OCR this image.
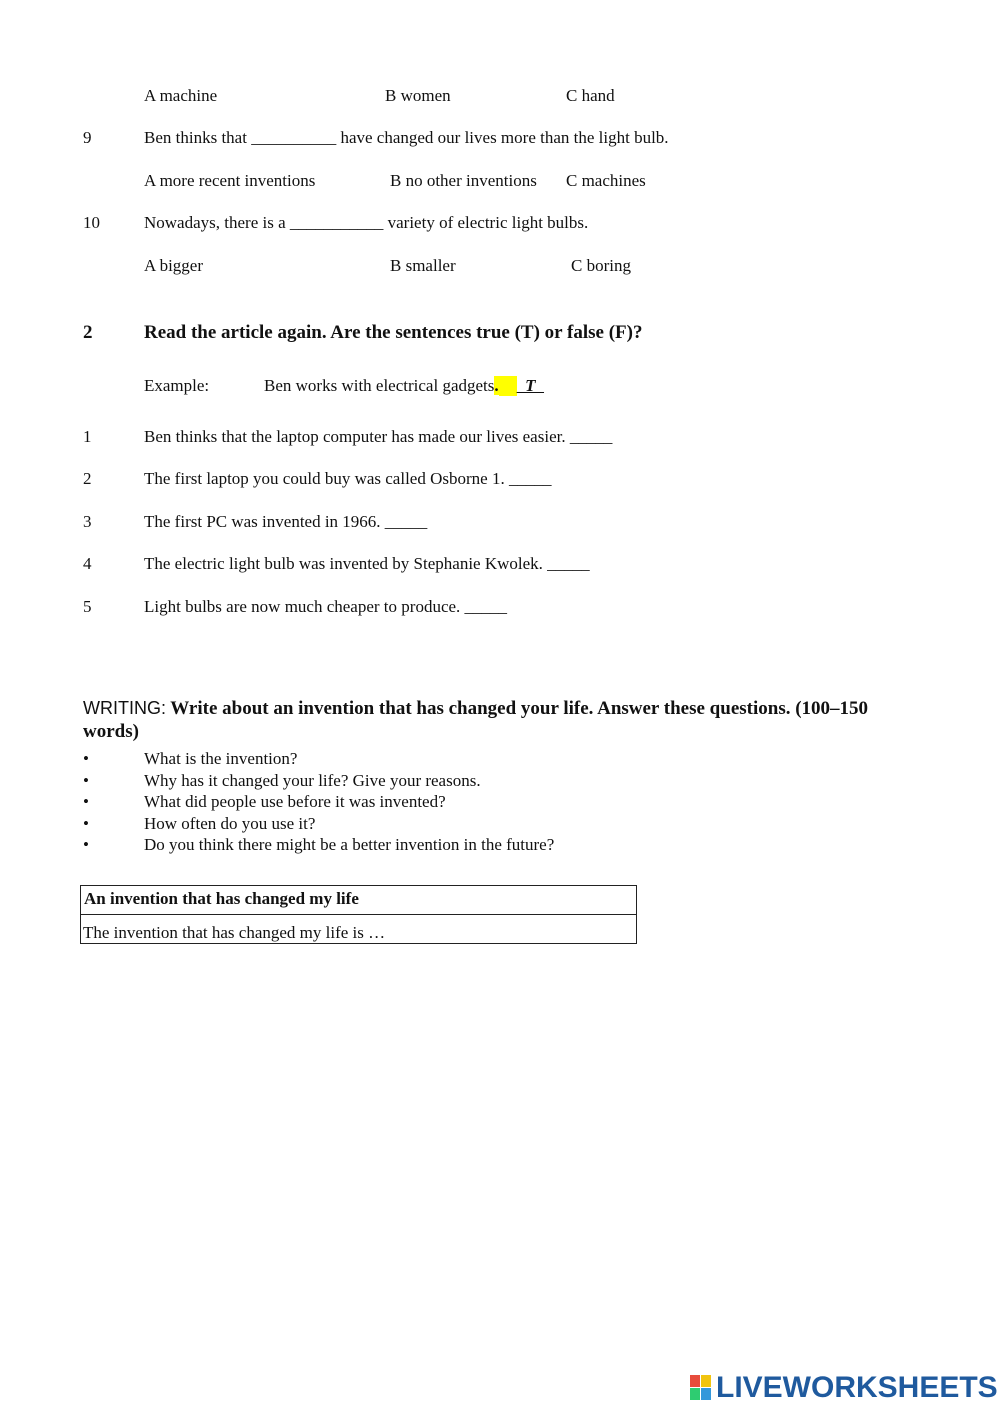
A machine	B women	C hand
9	Ben thinks that __________ have changed our lives more than the light bulb.
A more recent inventions	B no other inventions C machines
10	Nowadays, there is a ___________ variety of electric light bulbs.
A bigger	B smaller	C boring
2	Read the article again. Are the sentences true (T) or false (F)?
Example:	Ben works with electrical gadgets.   T
1	Ben thinks that the laptop computer has made our lives easier. _____
2	The first laptop you could buy was called Osborne 1. _____
3	The first PC was invented in 1966. _____
4	The electric light bulb was invented by Stephanie Kwolek. _____
5	Light bulbs are now much cheaper to produce. _____
WRITING: Write about an invention that has changed your life. Answer these questions. (100–150
words)
•	What is the invention?
•	Why has it changed your life? Give your reasons.
•	What did people use before it was invented?
•	How often do you use it?
•	Do you think there might be a better invention in the future?
An invention that has changed my life
The invention that has changed my life is …
LIVEWORKSHEETS
